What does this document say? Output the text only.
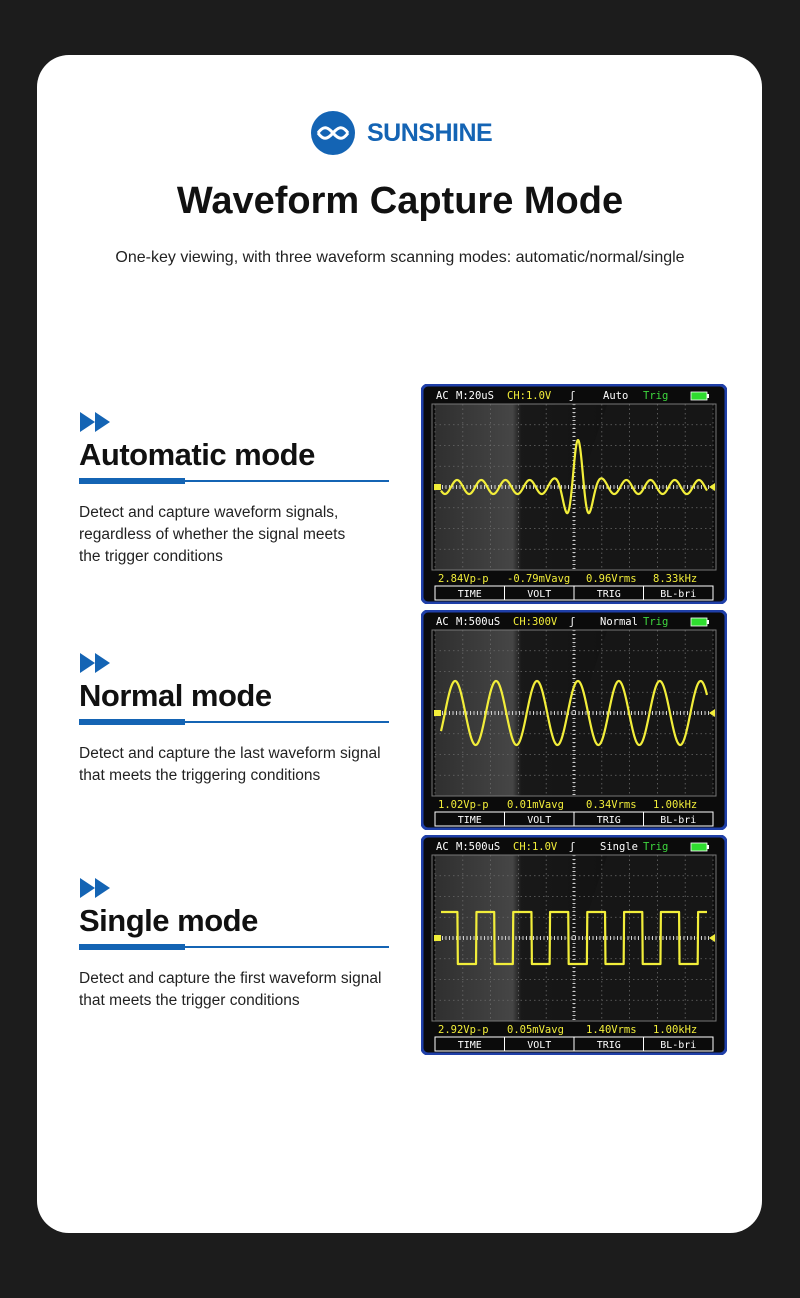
SUNSHINE
Waveform Capture Mode
One-key viewing, with three waveform scanning modes: automatic/normal/single
Automatic mode
Detect and capture waveform signals,
regardless of whether the signal meets
the trigger conditions
Normal mode
Detect and capture the last waveform signal
that meets the triggering conditions
Single mode
Detect and capture the first waveform signal
that meets the trigger conditions
AC M:20uS CH:1.0V ʃ	Auto Trig
2.84Vp-p -0.79mVavg 0.96Vrms 8.33kHz
TIME	VOLT	TRIG	BL-bri
AC M:500uS CH:300V ʃ Normal Trig
1.02Vp-p 0.01mVavg 0.34Vrms 1.00kHz
TIME	VOLT	TRIG	BL-bri
AC M:500uS CH:1.0V ʃ Single Trig
2.92Vp-p 0.05mVavg 1.40Vrms 1.00kHz
TIME	VOLT	TRIG	BL-bri
